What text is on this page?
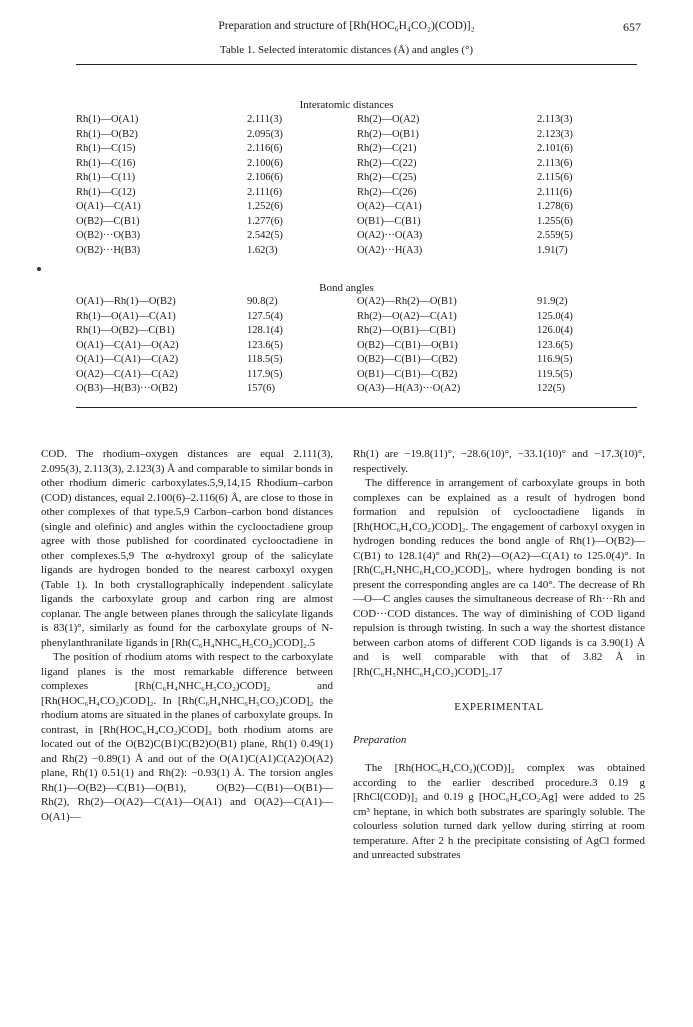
Preparation and structure of [Rh(HOC₆H₄CO₂)(COD)]₂	657
Table 1. Selected interatomic distances (Å) and angles (°)
Interatomic distances
Rh(1)—O(A1)	2.111(3)	Rh(2)—O(A2)	2.113(3)
Rh(1)—O(B2)	2.095(3)	Rh(2)—O(B1)	2.123(3)
Rh(1)—C(15)	2.116(6)	Rh(2)—C(21)	2.101(6)
Rh(1)—C(16)	2.100(6)	Rh(2)—C(22)	2.113(6)
Rh(1)—C(11)	2.106(6)	Rh(2)—C(25)	2.115(6)
Rh(1)—C(12)	2.111(6)	Rh(2)—C(26)	2.111(6)
O(A1)—C(A1)	1.252(6)	O(A2)—C(A1)	1.278(6)
O(B2)—C(B1)	1.277(6)	O(B1)—C(B1)	1.255(6)
O(B2)···O(B3)	2.542(5)	O(A2)···O(A3)	2.559(5)
O(B2)···H(B3)	1.62(3)	O(A2)···H(A3)	1.91(7)
Bond angles
O(A1)—Rh(1)—O(B2)	90.8(2)	O(A2)—Rh(2)—O(B1)	91.9(2)
Rh(1)—O(A1)—C(A1)	127.5(4)	Rh(2)—O(A2)—C(A1)	125.0(4)
Rh(1)—O(B2)—C(B1)	128.1(4)	Rh(2)—O(B1)—C(B1)	126.0(4)
O(A1)—C(A1)—O(A2)	123.6(5)	O(B2)—C(B1)—O(B1)	123.6(5)
O(A1)—C(A1)—C(A2)	118.5(5)	O(B2)—C(B1)—C(B2)	116.9(5)
O(A2)—C(A1)—C(A2)	117.9(5)	O(B1)—C(B1)—C(B2)	119.5(5)
O(B3)—H(B3)···O(B2)	157(6)	O(A3)—H(A3)···O(A2)	122(5)

COD. The rhodium–oxygen distances are equal 2.111(3), 2.095(3), 2.113(3), 2.123(3) Å and comparable to similar bonds in other rhodium dimeric carboxylates.5,9,14,15 Rhodium–carbon (COD) distances, equal 2.100(6)–2.116(6) Å, are close to those in other complexes of that type.5,9 Carbon–carbon bond distances (single and olefinic) and angles within the cyclooctadiene group agree with those published for coordinated cyclooctadiene in other complexes.5,9 The α-hydroxyl group of the salicylate ligands are hydrogen bonded to the nearest carboxyl oxygen (Table 1). In both crystallographically independent salicylate ligands the carboxylate group and carbon ring are almost coplanar. The angle between planes through the salicylate ligands is 83(1)°, similarly as found for the carboxylate groups of N-phenylanthranilate ligands in [Rh(C₆H₄NHC₆H₅CO₂)COD]₂.5

The position of rhodium atoms with respect to the carboxylate ligand planes is the most remarkable difference between complexes [Rh(C₆H₄NHC₆H₅CO₂)COD]₂ and [Rh(HOC₆H₄CO₂)COD]₂. In [Rh(C₆H₄NHC₆H₅CO₂)COD]₂ the rhodium atoms are situated in the planes of carboxylate groups. In contrast, in [Rh(HOC₆H₄CO₂)COD]₂ both rhodium atoms are located out of the O(B2)C(B1)C(B2)O(B1) plane, Rh(1) 0.49(1) and Rh(2) −0.89(1) Å and out of the O(A1)C(A1)C(A2)O(A2) plane, Rh(1) 0.51(1) and Rh(2): −0.93(1) Å. The torsion angles Rh(1)—O(B2)—C(B1)—O(B1), O(B2)—C(B1)—O(B1)—Rh(2), Rh(2)—O(A2)—C(A1)—O(A1) and O(A2)—C(A1)—O(A1)—

Rh(1) are −19.8(11)°, −28.6(10)°, −33.1(10)° and −17.3(10)°, respectively.

The difference in arrangement of carboxylate groups in both complexes can be explained as a result of hydrogen bond formation and repulsion of cyclooctadiene ligands in [Rh(HOC₆H₄CO₂)COD]₂. The engagement of carboxyl oxygen in hydrogen bonding reduces the bond angle of Rh(1)—O(B2)—C(B1) to 128.1(4)° and Rh(2)—O(A2)—C(A1) to 125.0(4)°. In [Rh(C₆H₅NHC₆H₄CO₂)COD]₂, where hydrogen bonding is not present the corresponding angles are ca 140°. The decrease of Rh—O—C angles causes the simultaneous decrease of Rh···Rh and COD···COD distances. The way of diminishing of COD ligand repulsion is through twisting. In such a way the shortest distance between carbon atoms of different COD ligands is ca 3.90(1) Å and is well comparable with that of 3.82 Å in [Rh(C₆H₅NHC₆H₄CO₂)COD]₂.17

EXPERIMENTAL
Preparation

The [Rh(HOC₆H₄CO₂)(COD)]₂ complex was obtained according to the earlier described procedure.3 0.19 g [RhCl(COD)]₂ and 0.19 g [HOC₆H₄CO₂Ag] were added to 25 cm³ heptane, in which both substrates are sparingly soluble. The colourless solution turned dark yellow during stirring at room temperature. After 2 h the precipitate consisting of AgCl formed and unreacted substrates
